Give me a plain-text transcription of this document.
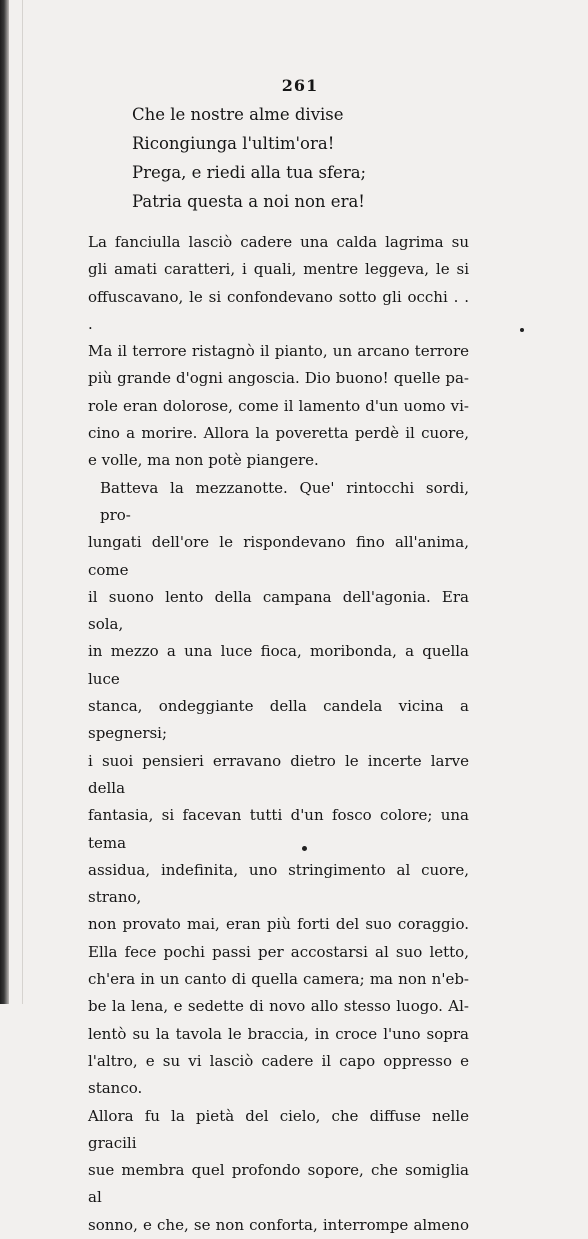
261
Che le nostre alme divise
Ricongiunga l'ultim'ora!
Prega, e riedi alla tua sfera;
Patria questa a noi non era!

La fanciulla lasciò cadere una calda lagrima su
gli amati caratteri, i quali, mentre leggeva, le si
offuscavano, le si confondevano sotto gli occhi . . .
Ma il terrore ristagnò il pianto, un arcano terrore
più grande d'ogni angoscia. Dio buono! quelle pa-
role eran dolorose, come il lamento d'un uomo vi-
cino a morire. Allora la poveretta perdè il cuore,
e volle, ma non potè piangere.

Batteva la mezzanotte. Que' rintocchi sordi, pro-
lungati dell'ore le rispondevano fino all'anima, come
il suono lento della campana dell'agonia. Era sola,
in mezzo a una luce fioca, moribonda, a quella luce
stanca, ondeggiante della candela vicina a spegnersi;
i suoi pensieri erravano dietro le incerte larve della
fantasia, si facevan tutti d'un fosco colore; una tema
assidua, indefinita, uno stringimento al cuore, strano,
non provato mai, eran più forti del suo coraggio.
Ella fece pochi passi per accostarsi al suo letto,
ch'era in un canto di quella camera; ma non n'eb-
be la lena, e sedette di novo allo stesso luogo. Al-
lentò su la tavola le braccia, in croce l'uno sopra
l'altro, e su vi lasciò cadere il capo oppresso e stanco.
Allora fu la pietà del cielo, che diffuse nelle gracili
sue membra quel profondo sopore, che somiglia al
sonno, e che, se non conforta, interrompe almeno
